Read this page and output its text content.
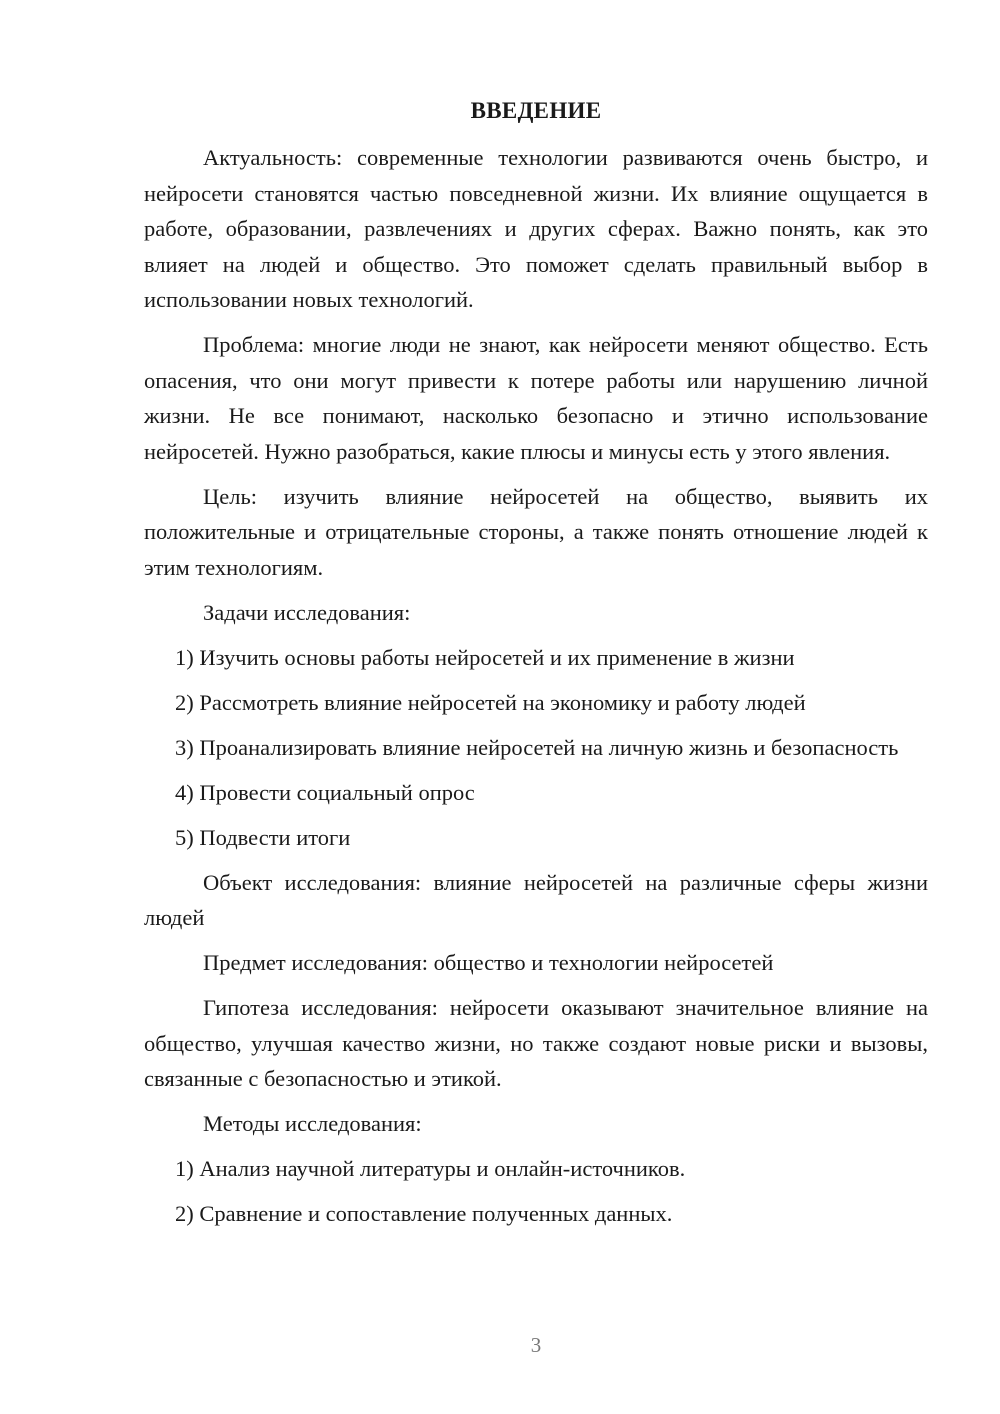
ВВЕДЕНИЕ

Актуальность: современные технологии развиваются очень быстро, и нейросети становятся частью повседневной жизни. Их влияние ощущается в работе, образовании, развлечениях и других сферах. Важно понять, как это влияет на людей и общество. Это поможет сделать правильный выбор в использовании новых технологий.

Проблема: многие люди не знают, как нейросети меняют общество. Есть опасения, что они могут привести к потере работы или нарушению личной жизни. Не все понимают, насколько безопасно и этично использование нейросетей. Нужно разобраться, какие плюсы и минусы есть у этого явления.

Цель: изучить влияние нейросетей на общество, выявить их положительные и отрицательные стороны, а также понять отношение людей к этим технологиям.

Задачи исследования:

1) Изучить основы работы нейросетей и их применение в жизни

2) Рассмотреть влияние нейросетей на экономику и работу людей

3) Проанализировать влияние нейросетей на личную жизнь и безопасность

4) Провести социальный опрос

5) Подвести итоги

Объект исследования: влияние нейросетей на различные сферы жизни людей

Предмет исследования: общество и технологии нейросетей

Гипотеза исследования: нейросети оказывают значительное влияние на общество, улучшая качество жизни, но также создают новые риски и вызовы, связанные с безопасностью и этикой.

Методы исследования:

1) Анализ научной литературы и онлайн-источников.

2) Сравнение и сопоставление полученных данных.

3
